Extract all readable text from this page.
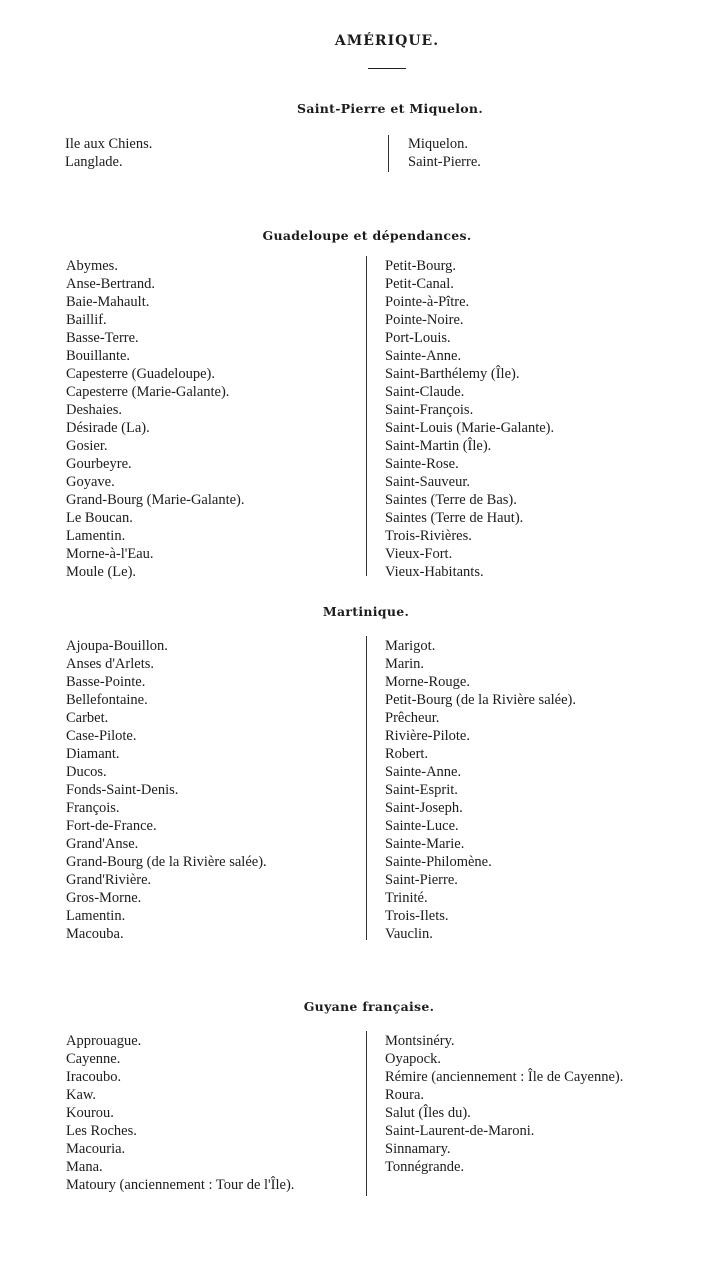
AMÉRIQUE.
Saint-Pierre et Miquelon.
Ile aux Chiens.
Langlade.
Miquelon.
Saint-Pierre.
Guadeloupe et dépendances.
Abymes.
Anse-Bertrand.
Baie-Mahault.
Baillif.
Basse-Terre.
Bouillante.
Capesterre (Guadeloupe).
Capesterre (Marie-Galante).
Deshaies.
Désirade (La).
Gosier.
Gourbeyre.
Goyave.
Grand-Bourg (Marie-Galante).
Le Boucan.
Lamentin.
Morne-à-l'Eau.
Moule (Le).
Petit-Bourg.
Petit-Canal.
Pointe-à-Pître.
Pointe-Noire.
Port-Louis.
Sainte-Anne.
Saint-Barthélemy (Île).
Saint-Claude.
Saint-François.
Saint-Louis (Marie-Galante).
Saint-Martin (Île).
Sainte-Rose.
Saint-Sauveur.
Saintes (Terre de Bas).
Saintes (Terre de Haut).
Trois-Rivières.
Vieux-Fort.
Vieux-Habitants.
Martinique.
Ajoupa-Bouillon.
Anses d'Arlets.
Basse-Pointe.
Bellefontaine.
Carbet.
Case-Pilote.
Diamant.
Ducos.
Fonds-Saint-Denis.
François.
Fort-de-France.
Grand'Anse.
Grand-Bourg (de la Rivière salée).
Grand'Rivière.
Gros-Morne.
Lamentin.
Macouba.
Marigot.
Marin.
Morne-Rouge.
Petit-Bourg (de la Rivière salée).
Prêcheur.
Rivière-Pilote.
Robert.
Sainte-Anne.
Saint-Esprit.
Saint-Joseph.
Sainte-Luce.
Sainte-Marie.
Sainte-Philomène.
Saint-Pierre.
Trinité.
Trois-Ilets.
Vauclin.
Guyane française.
Approuague.
Cayenne.
Iracoubo.
Kaw.
Kourou.
Les Roches.
Macouria.
Mana.
Matoury (anciennement : Tour de l'Île).
Montsinéry.
Oyapock.
Rémire (anciennement : Île de Cayenne).
Roura.
Salut (Îles du).
Saint-Laurent-de-Maroni.
Sinnamary.
Tonnégrande.
